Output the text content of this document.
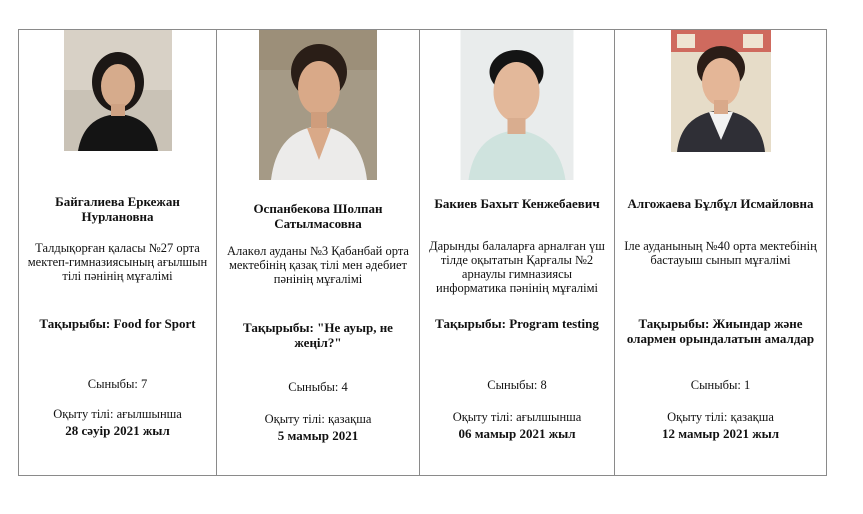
Байгалиева Еркежан Нурлановна
Талдықорған қаласы №27 орта мектеп-гимназиясының ағылшын тілі пәнінің мұғалімі
Тақырыбы: Food for Sport
Сыныбы: 7
Оқыту тілі: ағылшынша
28 сәуір 2021 жыл
Оспанбекова Шолпан Сатылмасовна
Алакөл ауданы №3 Қабанбай орта мектебінің қазақ тілі мен әдебиет пәнінің мұғалімі
Тақырыбы: "Не ауыр, не жеңіл?"
Сыныбы: 4
Оқыту тілі: қазақша
5 мамыр 2021
Бакиев Бахыт Кенжебаевич
Дарынды балаларға арналған үш тілде оқытатын Қарғалы №2 арнаулы гимназиясы информатика пәнінің мұғалімі
Тақырыбы: Program testing
Сыныбы: 8
Оқыту тілі: ағылшынша
06 мамыр 2021 жыл
Алгожаева Бұлбұл Исмайловна
Іле ауданының №40 орта мектебінің бастауыш сынып мұғалімі
Тақырыбы: Жиындар және олармен орындалатын амалдар
Сыныбы: 1
Оқыту тілі: қазақша
12 мамыр 2021 жыл
